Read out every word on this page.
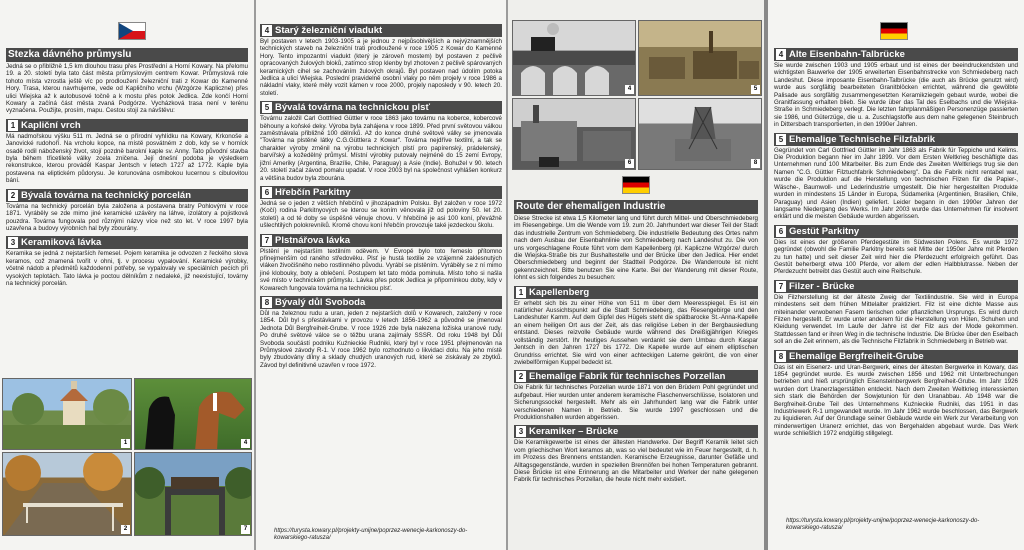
Stezka dávného průmyslu
Jedná se o přibližně 1,5 km dlouhou trasu přes Prostřední a Horní Kowary. Na přelomu 19. a 20. století byla tato část města průmyslovým centrem Kowar. Průmyslová role tohoto místa vzrostla ještě víc po prodloužení železniční trati z Kowar do Kamenné Hory. Trasa, kterou navrhujeme, vede od Kapličního vrchu (Wzgórze Kapliczne) přes ulici Wiejska až k autobusové točně a k mostu přes potok Jedlica. Zde končí Horní Kowary a začíná část města zvaná Podgórze. Vycházková trasa není v terénu vyznačena. Použijte, prosím, mapu. Cestou stojí za návštěvu:
1 Kapliční vrch
Má nadmořskou výšku 511 m. Jedná se o přírodní vyhlídku na Kowary, Krkonoše a Janovické rudohoří. Na vrcholu kopce, na místě posvátném z dob, kdy se v horníck osadě rodil náboženský život, stojí pozdně barokní kaple sv. Anny. Tato původní stavba byla během třicetileté války zcela zničena. Její dnešní podoba je výsledkem rekonstrukce, kterou prováděl Kaspar Jentsch v letech 1727 až 1772. Kaple byla postavena na eliptickém půdorysu. Je korunována osmibokou lucernou s cibulovitou bání.
2 Bývalá továrna na technický porcelán
Továrna na technický porcelán byla založena a postavena bratry Pohlovými v roce 1871. Vyráběly se zde mimo jiné keramické uzávěry na láhve, izolátory a pojistková pouzdra. Továrna fungovala pod různými názvy více než sto let. V roce 1997 byla uzavřena a budovy výrobních hal byly zbourány.
3 Keramiková lávka
Keramika se jedná z nejstarších řemesel. Pojem keramika je odvozen z řeckého slova keramos, což znamená tvořit v ohni, tj. v procesu vypalování. Keramické výrobky, včetně nádob a předmětů každodenní potřeby, se vypalovaly ve speciálních pecích při vysokých teplotách. Tato lávka je poctou dělníkům z nedaleké, již neexistující, továrny na technický porcelán.
1	4
2	7
4 Starý železniční viadukt
Byl postaven v letech 1903-1905 a je jednou z nejpůsobivějších a nejvýznamnějších technických staveb na železniční trati prodloužené v roce 1905 z Kowar do Kamenné Hory. Tento impozantní viadukt (který je zároveň mostem) byl postaven z pečlivě opracovaných žulových bloků, zatímco strop klenby byl zhotoven z pečlivě spárovaných keramických cihel se zachováním žulových okrajů. Byl postaven nad údolím potoka Jedlica a ulicí Wiejska. Poslední pravidelně osobní vlaky po něm projely v roce 1986 a nákladní vlaky, které měly vozit kámen v roce 2000, projely naposledy v 90. letech 20. století.
5 Bývalá továrna na technickou plsť
Továrnu založil Carl Gottfried Güttler v roce 1863 jako továrnu na koberce, kobercové běhouny a koňské deky. Výroba byla zahájena v roce 1899. Před první světovou válkou zaměstnávala přibližně 100 dělníků. Až do konce druhé světové války se jmenovala "Továrna na plstěné látky C.G.Güttlera z Kowar". Továrna nejdříve textilní, a tak se charakter výroby změnil na výrobu technických plstí pro papírenský, prádelenský, barvířský a kožedělný průmysl. Místní výrobky putovaly nejméně do 15 zemí Evropy, jižní Ameriky (Argentina, Brazílie, Chile, Paraguay) a Asie (Indie). Bohužel v 90. letech 20. století začal závod pomalu upadat. V roce 2003 byl na společnost vyhlášen konkurz a většina budov byla zbourána.
6 Hřebčín Parkitny
Jedná se o jeden z větších hřebčínů v jihozápadním Polsku. Byl založen v roce 1972 (Kočí) rodina Parkitnyových se kterou se koním věnovala již od poloviny 50. let 20. století) a od té doby se úspěšně věnuje chovu. V hřebčíně je asi 100 koní, převážně ušlechtilých polokrevníků. Kromě chovu koní hřebčín provozuje také jezdeckou školu.
7 Plstnářova lávka
Plstění je nejstarším textilním oděvem. V Evropě bylo toto řemeslo přítomno přinejmenším od raného středověku. Plsť je hustá textilie ze vzájemně zaklesnutých vláken živočišného nebo rostlinného původu. Vyrábí se plstěním. Vyráběly se z ní mimo jiné klobouky, boty a oblečení. Postupem let tato móda pominula. Místo toho si našla své místo v technickém průmyslu. Lávka přes potok Jedlica je připomínkou doby, kdy v Kowarech fungovala továrna na technickou plsť.
8 Bývalý důl Svoboda
Důl na železnou rudu a uran, jeden z nejstarších dolů v Kowarech, založený v roce 1854. Důl byl s přestávkami v provozu v letech 1856-1962 a původně se jmenoval Jednota Důl Bergfreiheit-Grube. V roce 1926 zde byla nalezena ložiska uranové rudy. Po druhé světové válce se o těžbu urana zajímaly SSSR. Od roku 1948 byl Důl Svoboda součástí podniku Kuźnieckie Rudniki, který byl v roce 1951 přejmenován na Průmyslové závody R-1. V roce 1962 bylo rozhodnuto o likvidaci dolu. Na jeho místě byly zbudovány dílny a sklady chudých uranových rud, které se ziskávaly ze zbytků. Závod byl definitivně uzavřen v roce 1972.
https://turysta.kowary.pl/projekty-unijne/poprzez-wenecje-karkonoszy-do-kowarskiego-ratusza/
4	5
6	8
Route der ehemaligen Industrie
Diese Strecke ist etwa 1,5 Kilometer lang und führt durch Mittel- und Oberschmiedeberg im Riesengebirge. Um die Wende vom 19. zum 20. Jahrhundert war dieser Teil der Stadt das industrielle Zentrum von Schmiedeberg. Die industrielle Bedeutung des Ortes nahm nach dem Ausbau der Eisenbahnlinie von Schmiedeberg nach Landeshut zu. Die von uns vorgeschlagene Route führt vom dem Kapellenberg /pl. Kapliczne Wzgórze/ durch die Wiejska-Straße bis zur Bushaltestelle und der Brücke über den Jedlica. Hier endet Oberschmiedeberg und beginnt der Stadtteil Podgórze. Die Wanderroute ist nicht gekennzeichnet. Bitte benutzen Sie eine Karte. Bei der Wanderung mit dieser Route, lohnt es sich folgendes zu besuchen:
1 Kapellenberg
Er erhebt sich bis zu einer Höhe von 511 m über dem Meeresspiegel. Es ist ein natürlicher Aussichtspunkt auf die Stadt Schmiedeberg, das Riesengebirge und den Landeshuter Kamm. Auf dem Gipfel des Hügels steht die spätbarocke St.-Anna-Kapelle an einem heiligen Ort aus der Zeit, als das religiöse Leben in der Bergbausiedlung entstand. Dieses reizvolle Gebäude wurde während des Dreißigjährigen Krieges vollständig zerstört. Ihr heutiges Aussehen verdankt sie dem Umbau durch Kaspar Jentsch in den Jahren 1727 bis 1772. Die Kapelle wurde auf einem elliptischen Grundriss errichtet. Sie wird von einer achteckigen Laterne gekrönt, die von einer zwiebelförmigen Kuppel bedeckt ist.
2 Ehemalige Fabrik für technisches Porzellan
Die Fabrik für technisches Porzellan wurde 1871 von den Brüdern Pohl gegründet und aufgebaut. Hier wurden unter anderem keramische Flaschenverschlüsse, Isolatoren und Sicherungssockel hergestellt. Mehr als ein Jahrhundert lang war die Fabrik unter verschiedenen Namen in Betrieb. Sie wurde 1997 geschlossen und die Produktionshallen wurden abgerissen.
3 Keramiker – Brücke
Die Keramikgewerbe ist eines der ältesten Handwerke. Der Begriff Keramik leitet sich vom griechischen Wort keramos ab, was so viel bedeutet wie im Feuer hergestellt, d. h. im Prozess des Brennens entstanden. Keramische Erzeugnisse, darunter Gefäße und Alltagsgegenstände, wurden in speziellen Brennöfen bei hohen Temperaturen gebrannt. Diese Brücke ist eine Erinnerung an die Mitarbeiter und Werker der nahe gelegenen Fabrik für technisches Porzellan, die heute nicht mehr existiert.
4 Alte Eisenbahn-Talbrücke
Sie wurde zwischen 1903 und 1905 erbaut und ist eines der beeindruckendsten und wichtigsten Bauwerke der 1905 erweiterten Eisenbahnstrecke von Schmiedeberg nach Landeshut. Diese imposante Eisenbahn-Talbrücke (die auch als Brücke genutzt wird) wurde aus sorgfältig bearbeiteten Granitblöcken errichtet, während die gewölbte Palisade aus sorgfältig zusammengesetzten Keramikziegeln gebaut wurde, wobei die Granitfassung erhalten blieb. Sie wurde über das Tal des Eselbachs und die Wiejska-Straße in Schmiedeberg verlegt. Die letzten fahrplanmäßigen Personenzüge passierten sie 1986, und Güterzüge, die u. a. Zuschlagstoffe aus dem nahe gelegenen Steinbruch in Dittersbach transportierten, in den 1990er Jahren.
5 Ehemalige Technische Filzfabrik
Gegründet von Carl Gottfried Güttler im Jahr 1863 als Fabrik für Teppiche und Kelims. Die Produktion begann hier im Jahr 1899. Vor dem Ersten Weltkrieg beschäftigte das Unternehmen rund 100 Mitarbeiter. Bis zum Ende des Zweiten Weltkriegs trug sie den Namen "C.G. Güttler Filztuchfabrik Schmiedeberg". Da die Fabrik nicht rentabel war, wurde die Produktion auf die Herstellung von technischen Filzen für die Papier-, Wäsche-, Baumwoll- und Lederindustrie umgestellt. Die hier hergestellten Produkte wurden in mindestens 15 Länder in Europa, Südamerika (Argentinien, Brasilien, Chile, Paraguay) und Asien (Indien) geliefert. Leider begann in den 1990er Jahren der langsame Niedergang des Werks. Im Jahr 2003 wurde das Unternehmen für insolvent erklärt und die meisten Gebäude wurden abgerissen.
6 Gestüt Parkitny
Dies ist eines der größeren Pferdegestüte im Südwesten Polens. Es wurde 1972 gegründet (obwohl die Familie Parkitny bereits seit Mitte der 1950er Jahre mit Pferden zu tun hatte) und seit dieser Zeit wird hier die Pferdezucht erfolgreich geführt. Das Gestüt beherbergt etwa 100 Pferde, vor allem der edlen Halbblutrasse. Neben der Pferdezucht betreibt das Gestüt auch eine Reitschule.
7 Filzer - Brücke
Die Filzherstellung ist der älteste Zweig der Textilindustrie. Sie wird in Europa mindestens seit dem frühen Mittelalter praktiziert. Filz ist eine dichte Masse aus miteinander verwobenen Fasern tierischen oder pflanzlichen Ursprungs. Es wird durch Filzen hergestellt. Er wurde unter anderem für die Herstellung von Hüten, Schuhen und Kleidung verwendet. Im Laufe der Jahre ist der Filz aus der Mode gekommen. Stattdessen fand er ihren Weg in die technische Industrie. Die Brücke über den Eselbach soll an die Zeit erinnern, als die Technische Filzfabrik in Schmiedeberg in Betrieb war.
8 Ehemalige Bergfreiheit-Grube
Das ist ein Eisenerz- und Uran-Bergwerk, eines der ältesten Bergwerke in Kowary, das 1854 gegründet wurde. Es wurde zwischen 1856 und 1962 mit Unterbrechungen betrieben und hieß ursprünglich Eisensteinbergwerk Bergfreiheit-Grube. Im Jahr 1926 wurden dort Uranerzlagerstätten entdeckt. Nach dem Zweiten Weltkrieg interessierten sich stark die Behörden der Sowjetunion für den Uranabbau. Ab 1948 war die Bergfreiheit-Grube Teil des Unternehmens Kuźnieckie Rudniki, das 1951 in das Industriewerk R-1 umgewandelt wurde. Im Jahr 1962 wurde beschlossen, das Bergwerk zu liquidieren. Auf der Grundlage seiner Gebäude wurde ein Werk zur Verarbeitung von minderwertigen Uranerz errichtet, das von Bergehalden abgebaut wurde. Das Werk wurde schließlich 1972 endgültig stillgelegt.
https://turysta.kowary.pl/projekty-unijne/poprzez-wenecje-karkonoszy-do-kowarskiego-ratusza/
